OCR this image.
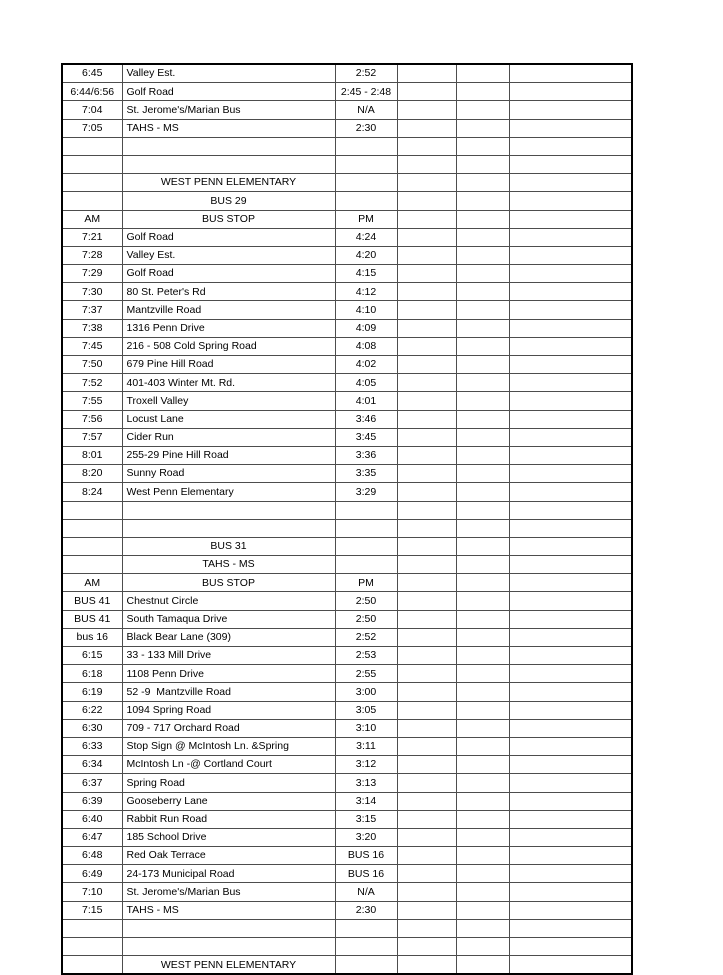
6:45	Valley Est.	2:52			
6:44/6:56	Golf Road	2:45 - 2:48			
7:04	St. Jerome's/Marian Bus	N/A			
7:05	TAHS - MS	2:30			

	WEST PENN ELEMENTARY				
	BUS 29				
AM	BUS STOP	PM			
7:21	Golf Road	4:24			
7:28	Valley Est.	4:20			
7:29	Golf Road	4:15			
7:30	80 St. Peter's Rd	4:12			
7:37	Mantzville Road	4:10			
7:38	1316 Penn Drive	4:09			
7:45	216 - 508 Cold Spring Road	4:08			
7:50	679 Pine Hill Road	4:02			
7:52	401-403 Winter Mt. Rd.	4:05			
7:55	Troxell Valley	4:01			
7:56	Locust Lane	3:46			
7:57	Cider Run	3:45			
8:01	255-29 Pine Hill Road	3:36			
8:20	Sunny Road	3:35			
8:24	West Penn Elementary	3:29			

	BUS 31				
	TAHS - MS				
AM	BUS STOP	PM			
BUS 41	Chestnut Circle	2:50			
BUS 41	South Tamaqua Drive	2:50			
bus 16	Black Bear Lane (309)	2:52			
6:15	33 - 133 Mill Drive	2:53			
6:18	1108 Penn Drive	2:55			
6:19	52 -9  Mantzville Road	3:00			
6:22	1094 Spring Road	3:05			
6:30	709 - 717 Orchard Road	3:10			
6:33	Stop Sign @ McIntosh Ln. &Spring	3:11			
6:34	McIntosh Ln -@ Cortland Court	3:12			
6:37	Spring Road	3:13			
6:39	Gooseberry Lane	3:14			
6:40	Rabbit Run Road	3:15			
6:47	185 School Drive	3:20			
6:48	Red Oak Terrace	BUS 16			
6:49	24-173 Municipal Road	BUS 16			
7:10	St. Jerome's/Marian Bus	N/A			
7:15	TAHS - MS	2:30			

	WEST PENN ELEMENTARY				
